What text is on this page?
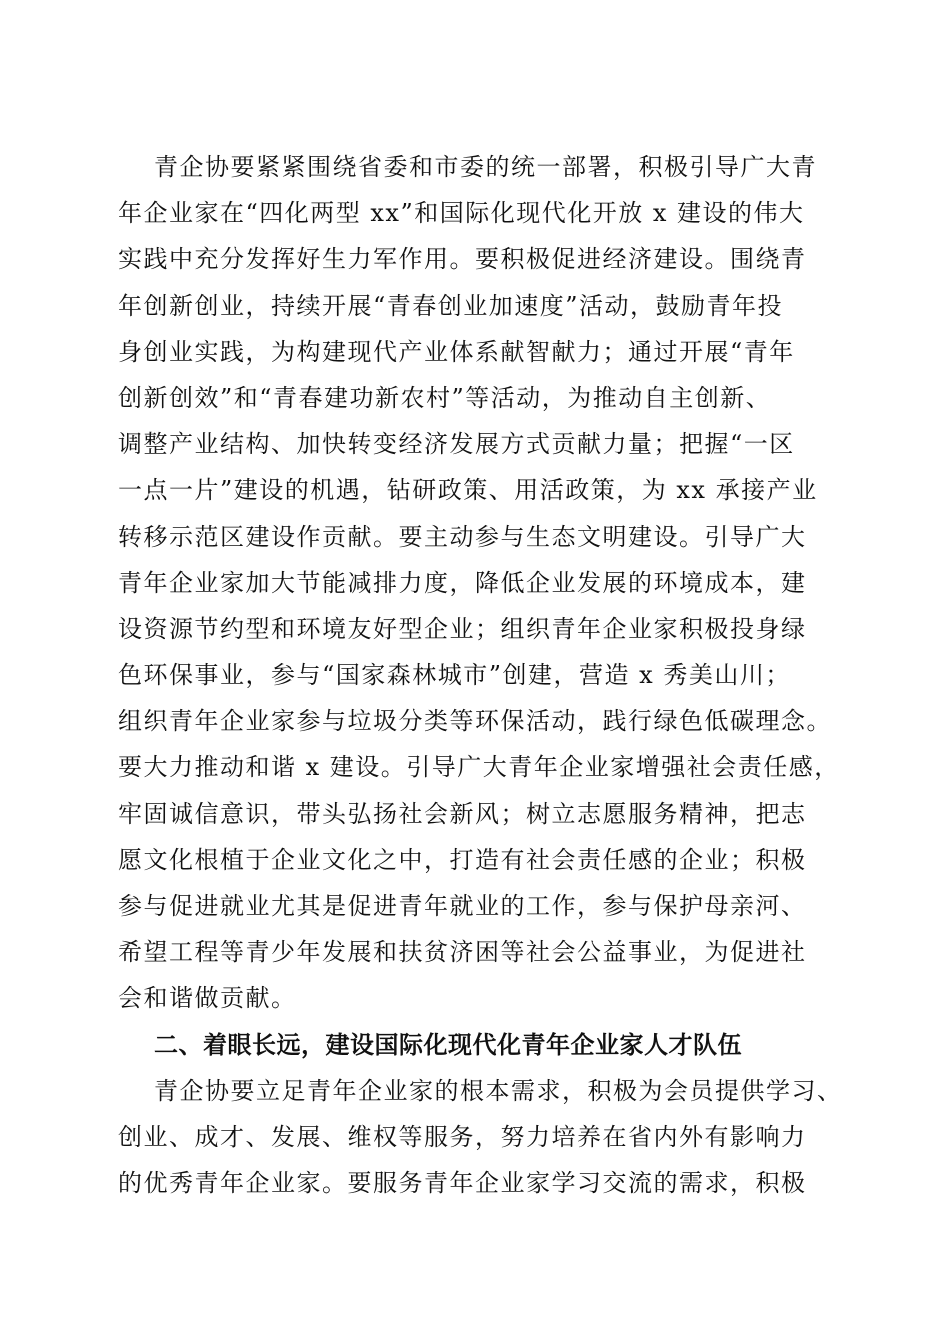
青企协要紧紧围绕省委和市委的统一部署，积极引导广大青
年企业家在“四化两型 xx”和国际化现代化开放 x 建设的伟大
实践中充分发挥好生力军作用。要积极促进经济建设。围绕青
年创新创业，持续开展“青春创业加速度”活动，鼓励青年投
身创业实践，为构建现代产业体系献智献力；通过开展“青年
创新创效”和“青春建功新农村”等活动，为推动自主创新、
调整产业结构、加快转变经济发展方式贡献力量；把握“一区
一点一片”建设的机遇，钻研政策、用活政策，为 xx 承接产业
转移示范区建设作贡献。要主动参与生态文明建设。引导广大
青年企业家加大节能减排力度，降低企业发展的环境成本，建
设资源节约型和环境友好型企业；组织青年企业家积极投身绿
色环保事业，参与“国家森林城市”创建，营造 x 秀美山川；
组织青年企业家参与垃圾分类等环保活动，践行绿色低碳理念。
要大力推动和谐 x 建设。引导广大青年企业家增强社会责任感，
牢固诚信意识，带头弘扬社会新风；树立志愿服务精神，把志
愿文化根植于企业文化之中，打造有社会责任感的企业；积极
参与促进就业尤其是促进青年就业的工作，参与保护母亲河、
希望工程等青少年发展和扶贫济困等社会公益事业，为促进社
会和谐做贡献。
二、着眼长远，建设国际化现代化青年企业家人才队伍
青企协要立足青年企业家的根本需求，积极为会员提供学习、
创业、成才、发展、维权等服务，努力培养在省内外有影响力
的优秀青年企业家。要服务青年企业家学习交流的需求，积极
